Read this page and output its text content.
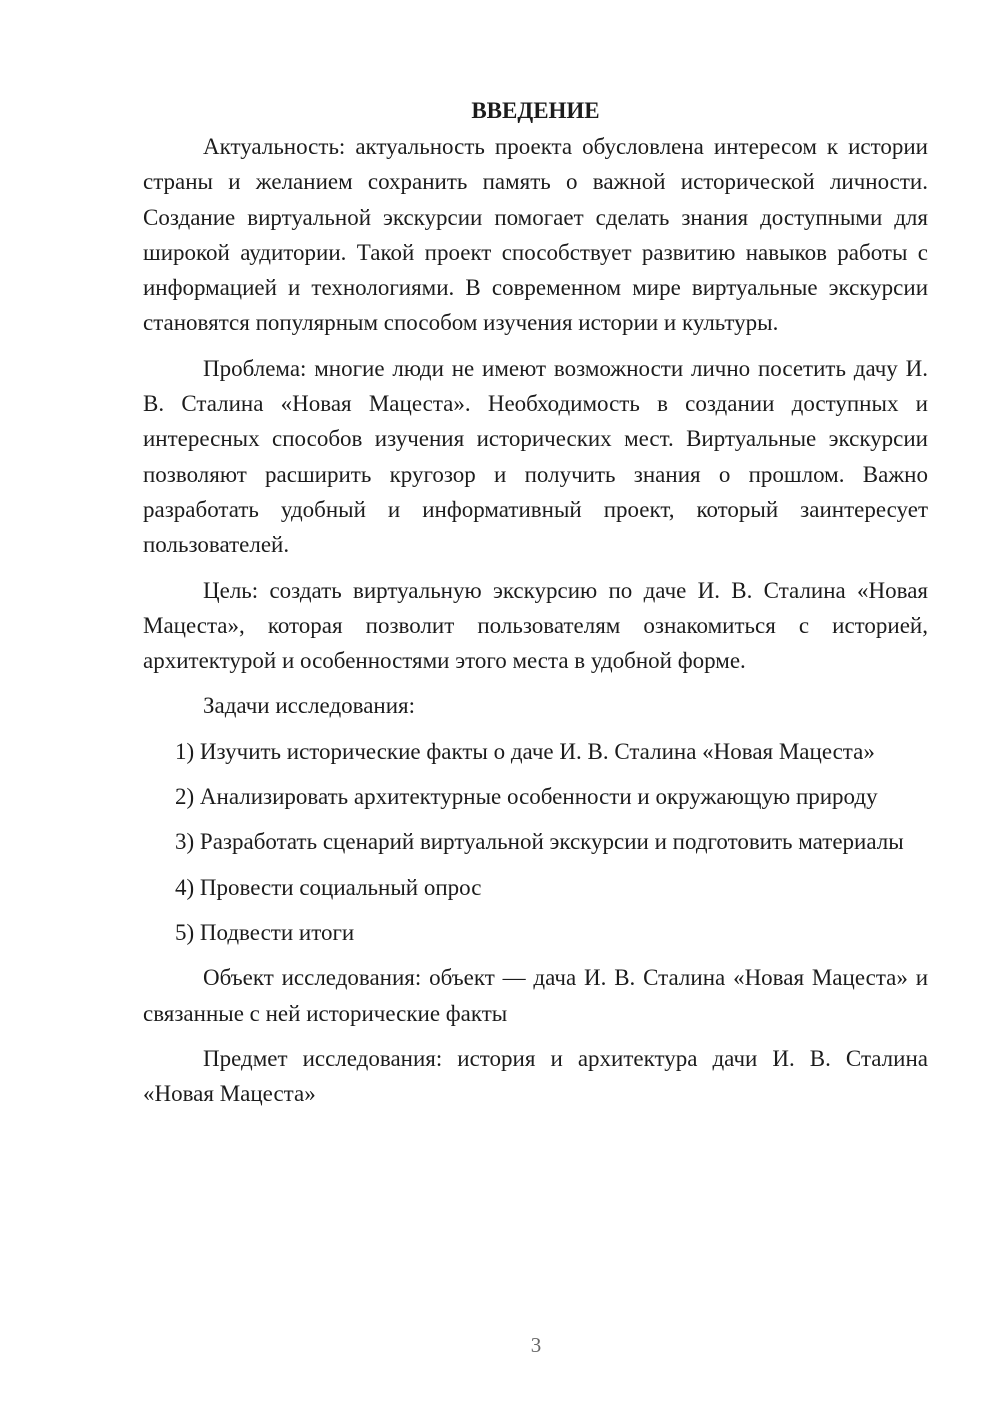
ВВЕДЕНИЕ

Актуальность: актуальность проекта обусловлена интересом к истории страны и желанием сохранить память о важной исторической личности. Создание виртуальной экскурсии помогает сделать знания доступными для широкой аудитории. Такой проект способствует развитию навыков работы с информацией и технологиями. В современном мире виртуальные экскурсии становятся популярным способом изучения истории и культуры.

Проблема: многие люди не имеют возможности лично посетить дачу И. В. Сталина «Новая Мацеста». Необходимость в создании доступных и интересных способов изучения исторических мест. Виртуальные экскурсии позволяют расширить кругозор и получить знания о прошлом. Важно разработать удобный и информативный проект, который заинтересует пользователей.

Цель: создать виртуальную экскурсию по даче И. В. Сталина «Новая Мацеста», которая позволит пользователям ознакомиться с историей, архитектурой и особенностями этого места в удобной форме.

Задачи исследования:

1) Изучить исторические факты о даче И. В. Сталина «Новая Мацеста»

2) Анализировать архитектурные особенности и окружающую природу

3) Разработать сценарий виртуальной экскурсии и подготовить материалы

4) Провести социальный опрос

5) Подвести итоги

Объект исследования: объект — дача И. В. Сталина «Новая Мацеста» и связанные с ней исторические факты

Предмет исследования: история и архитектура дачи И. В. Сталина «Новая Мацеста»

3
